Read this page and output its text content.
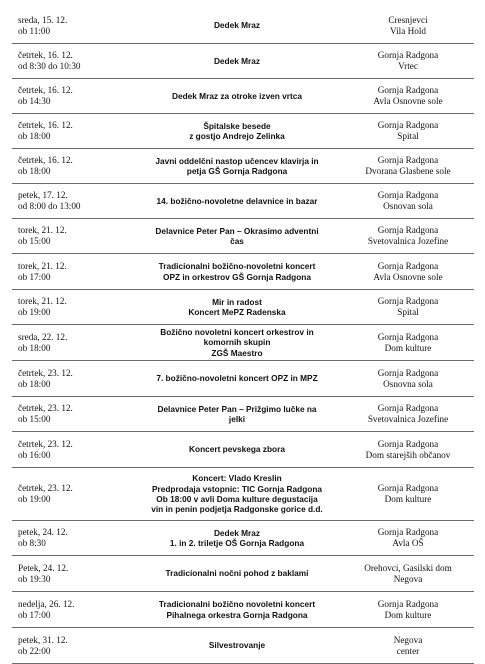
sreda, 15. 12.
ob 11:00
Dedek Mraz
Cresnjevci
Vila Hold
četrtek, 16. 12.
od 8:30 do 10:30
Dedek Mraz
Gornja Radgona
Vrtec
četrtek, 16. 12.
ob 14:30
Dedek Mraz za otroke izven vrtca
Gornja Radgona
Avla Osnovne sole
četrtek, 16. 12.
ob 18:00
Špitalske besede
z gostjo Andrejo Zelinka
Gornja Radgona
Spital
četrtek, 16. 12.
ob 18:00
Javni oddelčni nastop učencev klavirja in
petja GŠ Gornja Radgona
Gornja Radgona
Dvorana Glasbene sole
petek, 17. 12.
od 8:00 do 13:00
14. božično-novoletne delavnice in bazar
Gornja Radgona
Osnovan sola
torek, 21. 12.
ob 15:00
Delavnice Peter Pan – Okrasimo adventni
čas
Gornja Radgona
Svetovalnica Jozefine
torek, 21. 12.
ob 17:00
Tradicionalni božično-novoletni koncert
OPZ in orkestrov GŠ Gornja Radgona
Gornja Radgona
Avla Osnovne sole
torek, 21. 12.
ob 19:00
Mir in radost
Koncert MePZ Radenska
Gornja Radgona
Spital
sreda, 22. 12.
ob 18:00
Božično novoletni koncert orkestrov in
komornih skupin
ZGŠ Maestro
Gornja Radgona
Dom kulture
četrtek, 23. 12.
ob 18:00
7. božično-novoletni koncert OPZ in MPZ
Gornja Radgona
Osnovna sola
četrtek, 23. 12.
ob 15:00
Delavnice Peter Pan – Prižgimo lučke na
jelki
Gornja Radgona
Svetovalnica Jozefine
četrtek, 23. 12.
ob 16:00
Koncert pevskega zbora
Gornja Radgona
Dom starejših občanov
četrtek, 23. 12.
ob 19:00
Koncert: Vlado Kreslin
Predprodaja vstopnic: TIC Gornja Radgona
Ob 18:00 v avli Doma kulture degustacija
vin in penin podjetja Radgonske gorice d.d.
Gornja Radgona
Dom kulture
petek, 24. 12.
ob 8:30
Dedek Mraz
1. in 2. triletje OŠ Gornja Radgona
Gornja Radgona
Avla OŠ
Petek, 24. 12.
ob 19:30
Tradicionalni nočni pohod z baklami
Orehovci, Gasilski dom
Negova
nedelja, 26. 12.
ob 17:00
Tradicionalni božično novoletni koncert
Pihalnega orkestra Gornja Radgona
Gornja Radgona
Dom kulture
petek, 31. 12.
ob 22:00
Silvestrovanje
Negova
center
